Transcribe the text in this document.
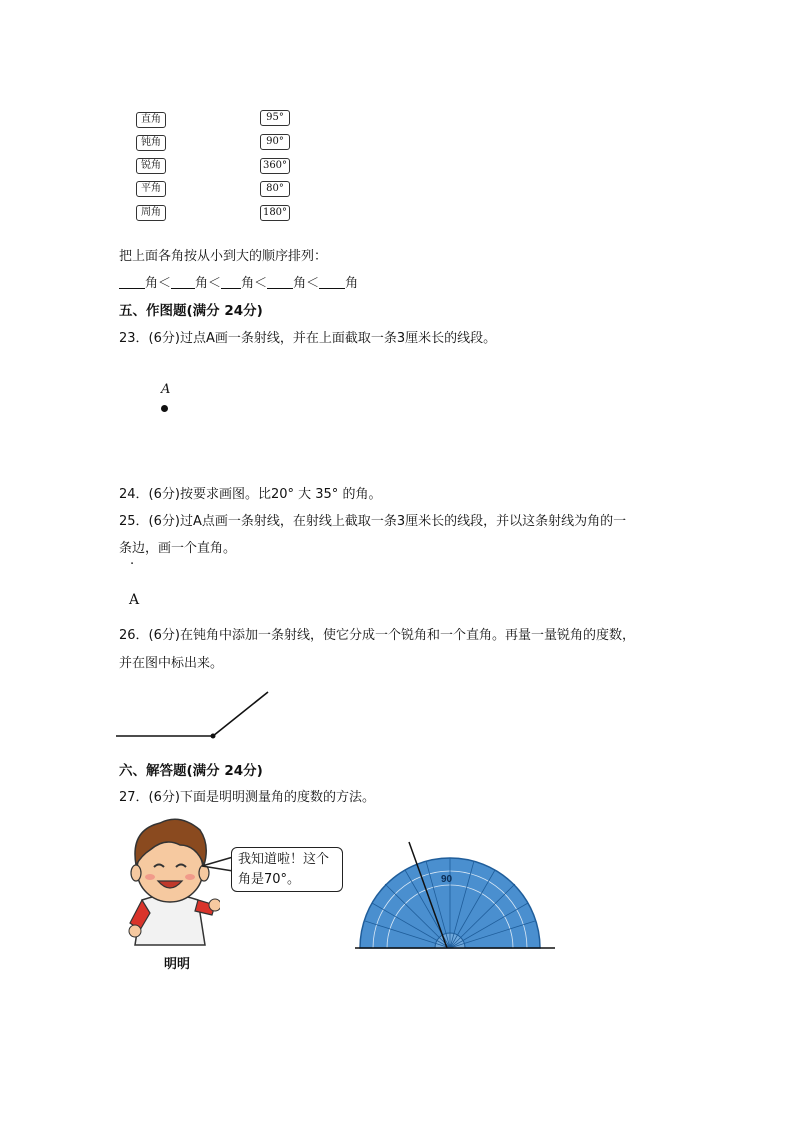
直角
钝角
锐角
平角
周角
95°
90°
360°
80°
180°
把上面各角按从小到大的顺序排列：
角＜ 角＜ 角＜ 角＜ 角
五、作图题(满分 24分)
23．(6分)过点A画一条射线，并在上面截取一条3厘米长的线段。
A
24．(6分)按要求画图。比20° 大 35° 的角。
25．(6分)过A点画一条射线，在射线上截取一条3厘米长的线段，并以这条射线为角的一
条边，画一个直角。
·
A
26．(6分)在钝角中添加一条射线，使它分成一个锐角和一个直角。再量一量锐角的度数，
并在图中标出来。
六、解答题(满分 24分)
27．(6分)下面是明明测量角的度数的方法。
明明
我知道啦！这个
角是70°。	90
